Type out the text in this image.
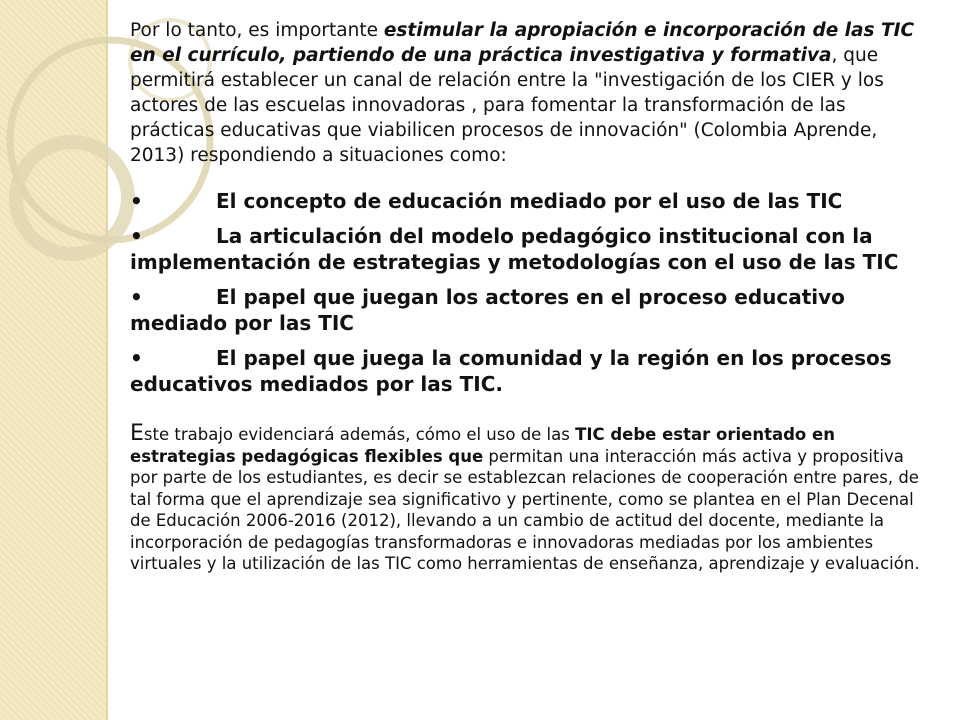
Por lo tanto, es importante estimular la apropiación e incorporación de las TIC en el currículo, partiendo de una práctica investigativa y formativa, que permitirá establecer un canal de relación entre la "investigación de los CIER y los actores de las escuelas innovadoras , para fomentar la transformación de las prácticas educativas que viabilicen procesos de innovación" (Colombia Aprende, 2013) respondiendo a situaciones como:

•	El concepto de educación mediado por el uso de las TIC
•	La articulación del modelo pedagógico institucional con la implementación de estrategias y metodologías con el uso de las TIC
•	El papel que juegan los actores en el proceso educativo mediado por las TIC
•	El papel que juega la comunidad y la región en los procesos educativos mediados por las TIC.

Este trabajo evidenciará además, cómo el uso de las TIC debe estar orientado en estrategias pedagógicas flexibles que permitan una interacción más activa y propositiva por parte de los estudiantes, es decir se establezcan relaciones de cooperación entre pares, de tal forma que el aprendizaje sea significativo y pertinente, como se plantea en el Plan Decenal de Educación 2006-2016 (2012), llevando a un cambio de actitud del docente, mediante la incorporación de pedagogías transformadoras e innovadoras mediadas por los ambientes virtuales y la utilización de las TIC como herramientas de enseñanza, aprendizaje y evaluación.
